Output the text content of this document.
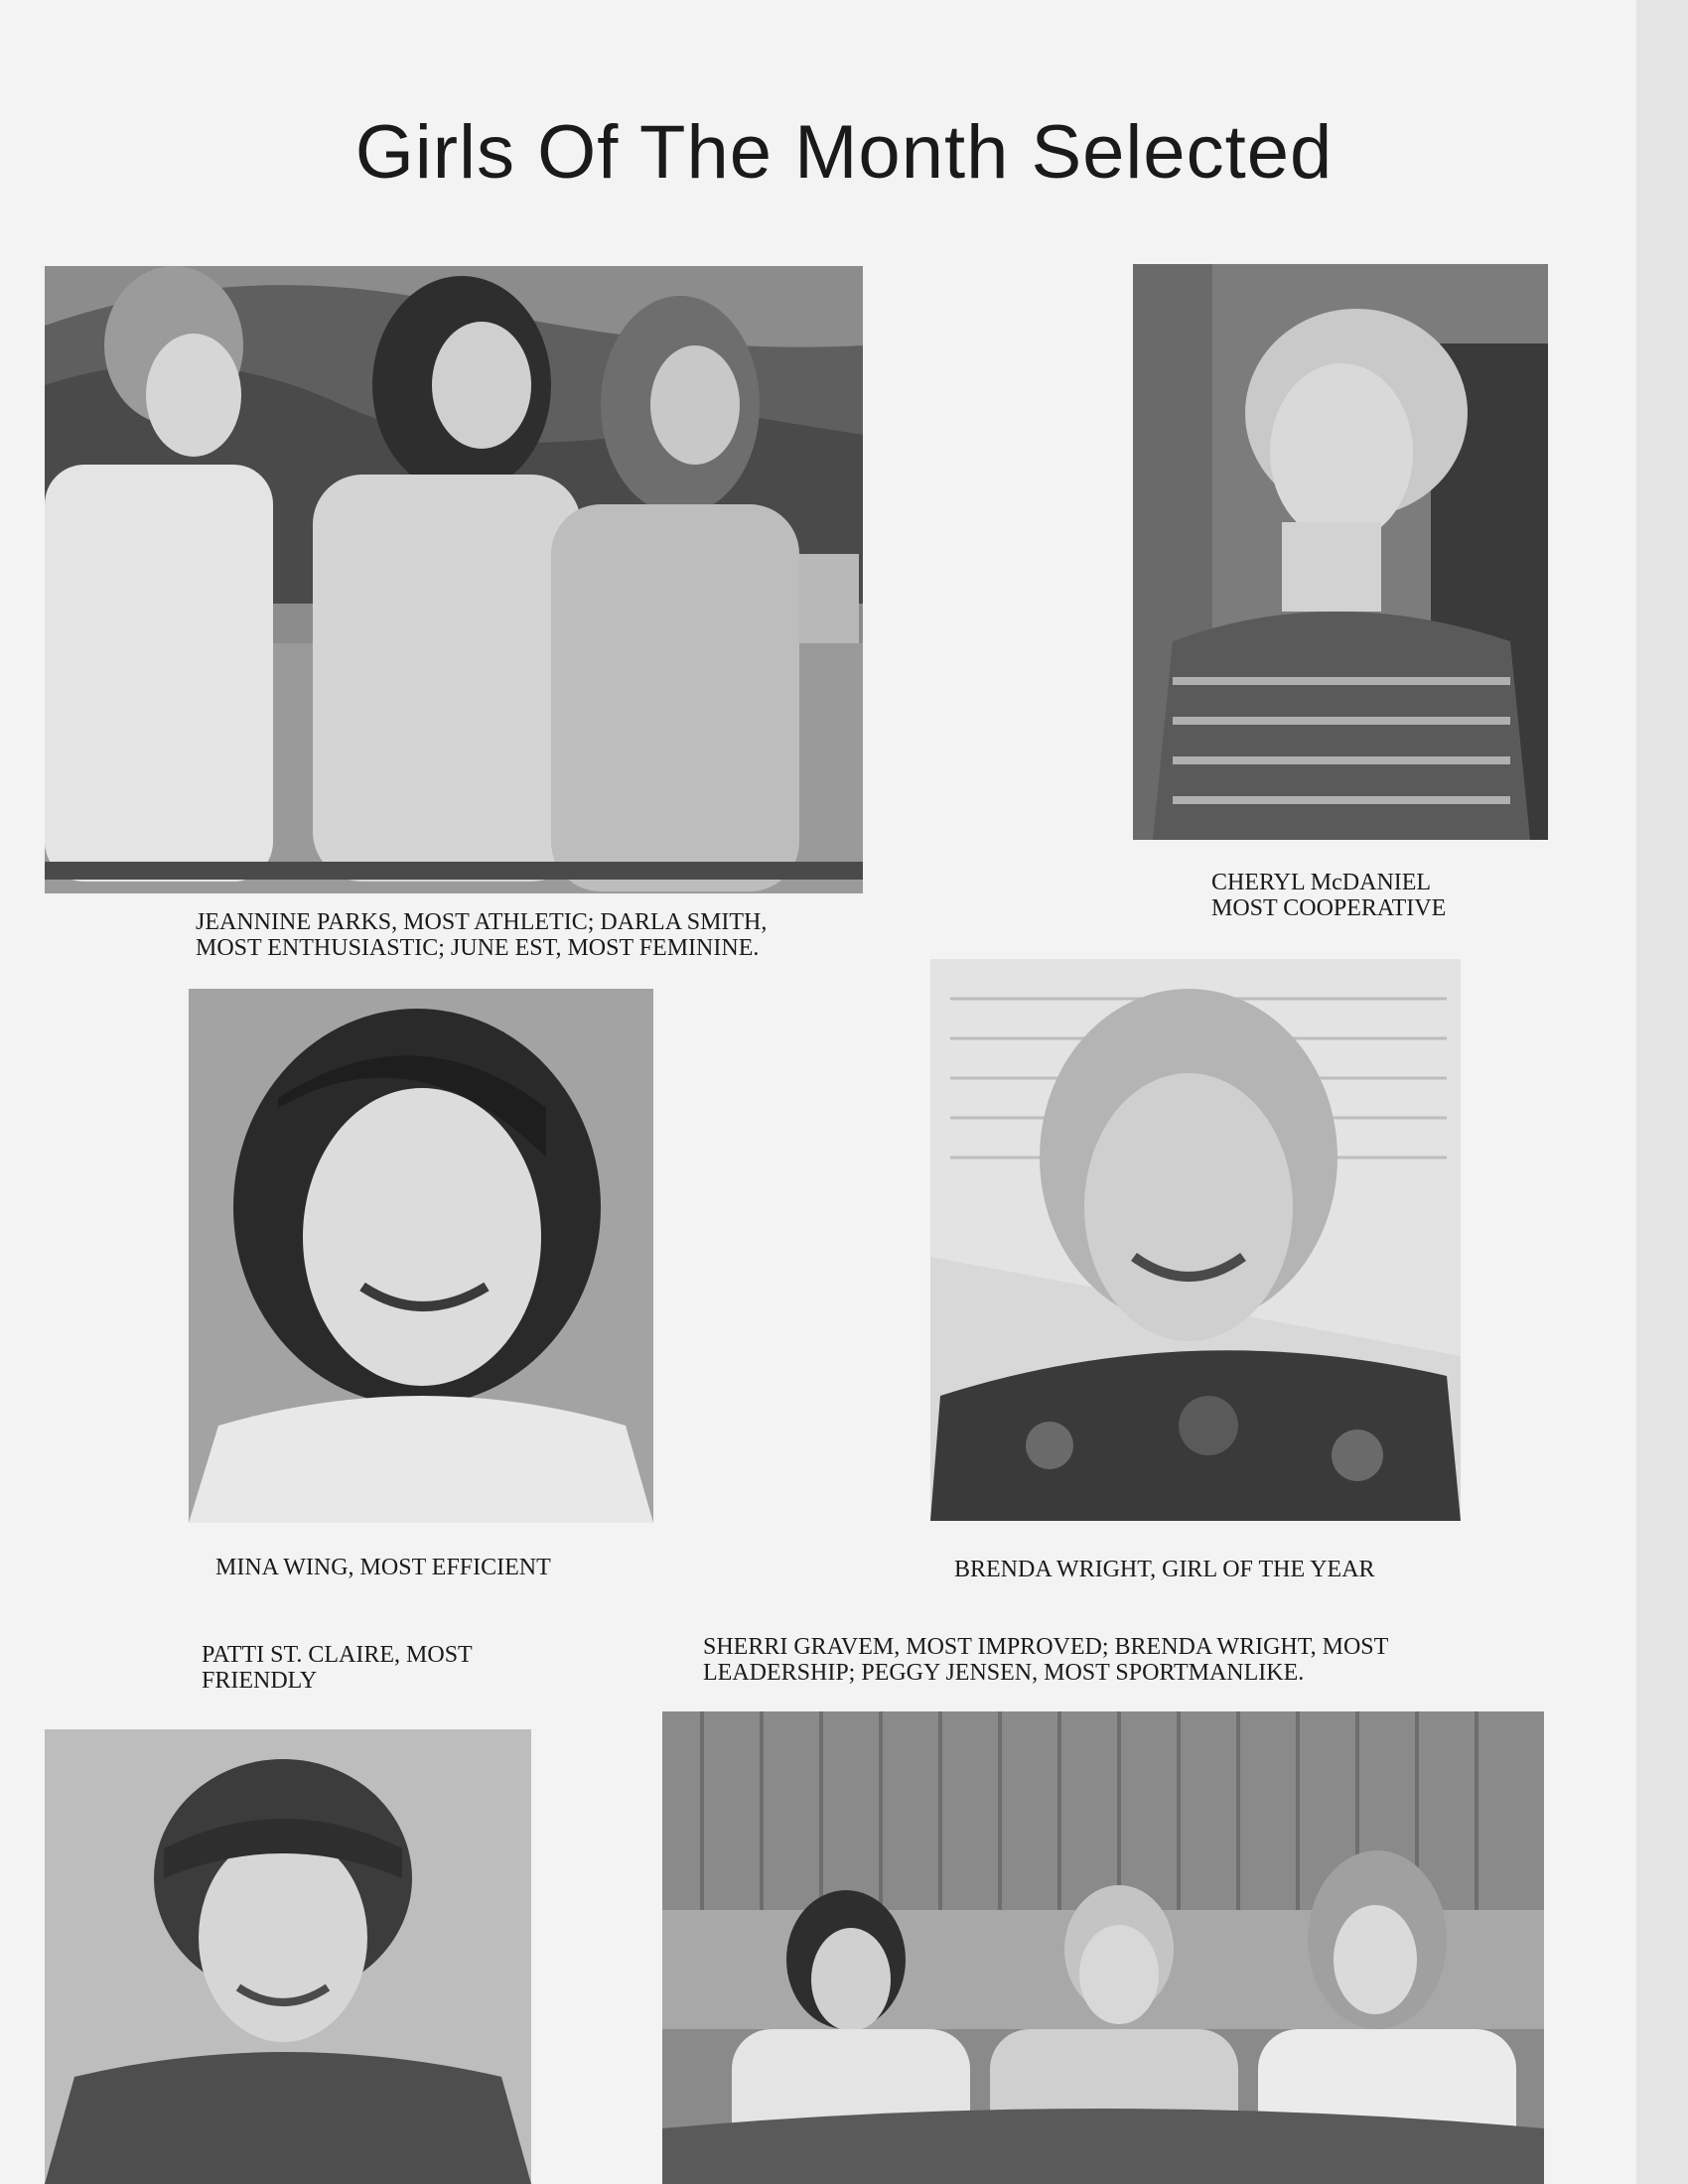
Girls Of The Month Selected

CHERYL McDANIEL
MOST COOPERATIVE

JEANNINE PARKS, MOST ATHLETIC; DARLA SMITH,
MOST ENTHUSIASTIC; JUNE EST, MOST FEMININE.

MINA WING, MOST EFFICIENT	BRENDA WRIGHT, GIRL OF THE YEAR

PATTI ST. CLAIRE, MOST
FRIENDLY

SHERRI GRAVEM, MOST IMPROVED; BRENDA WRIGHT, MOST
LEADERSHIP; PEGGY JENSEN, MOST SPORTMANLIKE.
